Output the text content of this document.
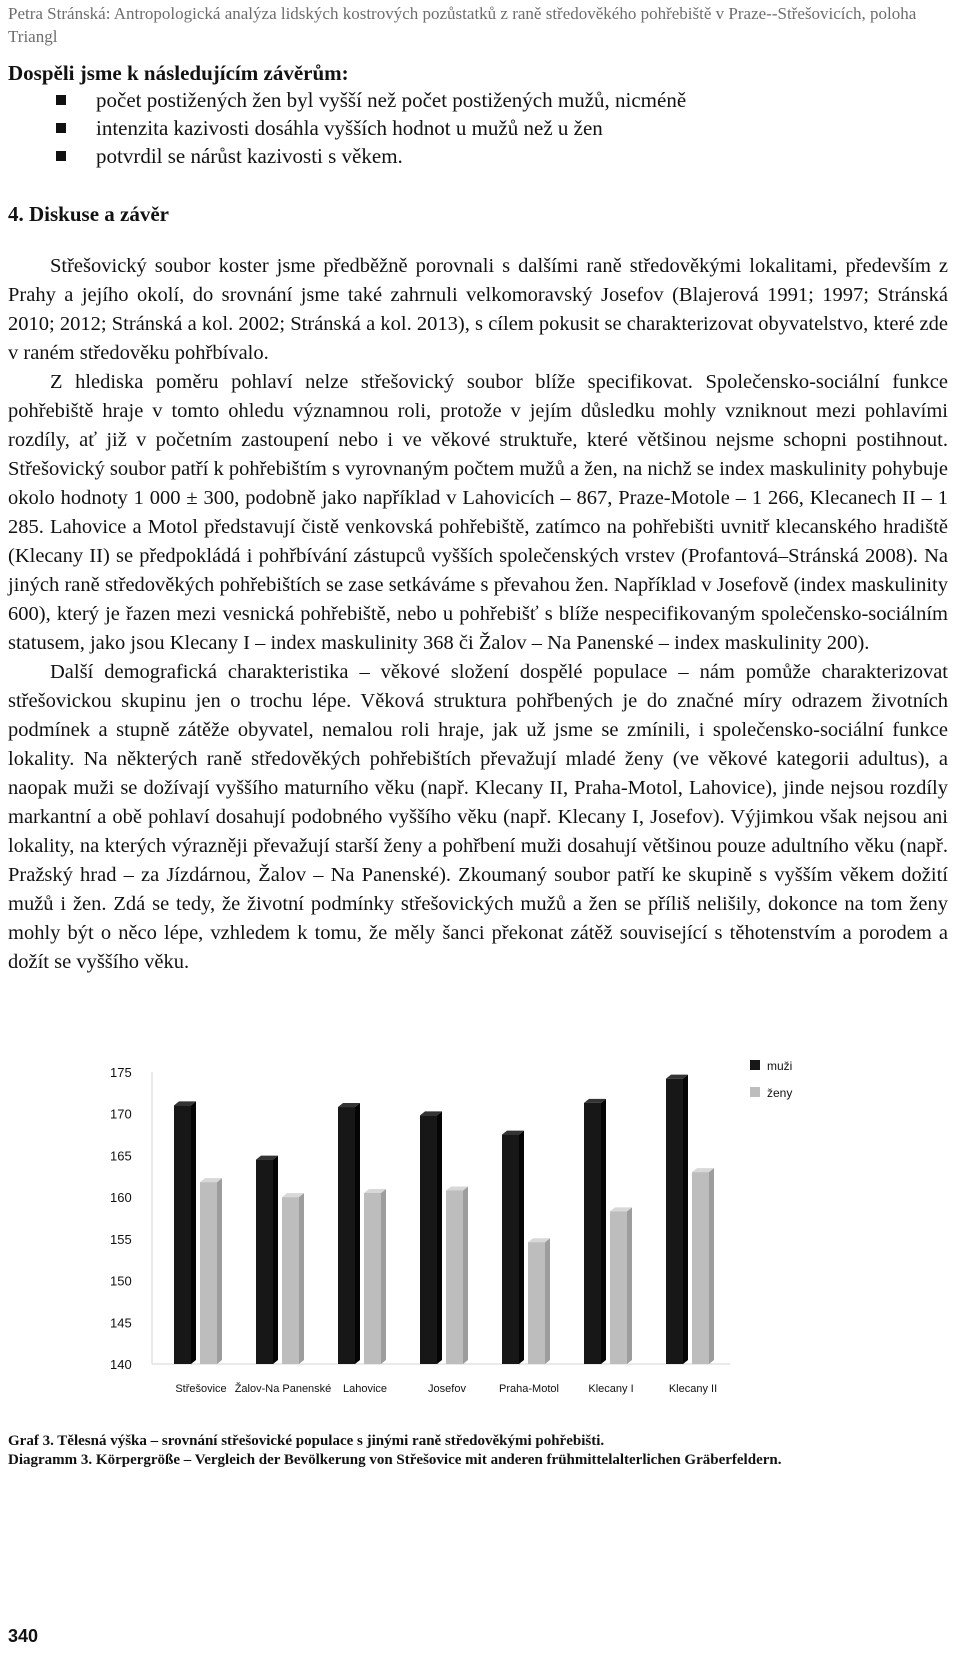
Petra Stránská: Antropologická analýza lidských kostrových pozůstatků z raně středověkého pohřebiště v Praze--Střešovicích, poloha Triangl
Dospěli jsme k následujícím závěrům:
počet postižených žen byl vyšší než počet postižených mužů, nicméně
intenzita kazivosti dosáhla vyšších hodnot u mužů než u žen
potvrdil se nárůst kazivosti s věkem.
4. Diskuse a závěr

Střešovický soubor koster jsme předběžně porovnali s dalšími raně středověkými lokalitami, především z Prahy a jejího okolí, do srovnání jsme také zahrnuli velkomoravský Josefov (Blajerová 1991; 1997; Stránská 2010; 2012; Stránská a kol. 2002; Stránská a kol. 2013), s cílem pokusit se charakterizovat obyvatelstvo, které zde v raném středověku pohřbívalo.

Z hlediska poměru pohlaví nelze střešovický soubor blíže specifikovat. Společensko-sociální funkce pohřebiště hraje v tomto ohledu významnou roli, protože v jejím důsledku mohly vzniknout mezi pohlavími rozdíly, ať již v početním zastoupení nebo i ve věkové struktuře, které většinou nejsme schopni postihnout. Střešovický soubor patří k pohřebištím s vyrovnaným počtem mužů a žen, na nichž se index maskulinity pohybuje okolo hodnoty 1 000 ± 300, podobně jako například v Lahovicích – 867, Praze-Motole – 1 266, Klecanech II – 1 285. Lahovice a Motol představují čistě venkovská pohřebiště, zatímco na pohřebišti uvnitř klecanského hradiště (Klecany II) se předpokládá i pohřbívání zástupců vyšších společenských vrstev (Profantová–Stránská 2008). Na jiných raně středověkých pohřebištích se zase setkáváme s převahou žen. Například v Josefově (index maskulinity 600), který je řazen mezi vesnická pohřebiště, nebo u pohřebišť s blíže nespecifikovaným společensko-sociálním statusem, jako jsou Klecany I – index maskulinity 368 či Žalov – Na Panenské – index maskulinity 200).

Další demografická charakteristika – věkové složení dospělé populace – nám pomůže charakterizovat střešovickou skupinu jen o trochu lépe. Věková struktura pohřbených je do značné míry odrazem životních podmínek a stupně zátěže obyvatel, nemalou roli hraje, jak už jsme se zmínili, i společensko-sociální funkce lokality. Na některých raně středověkých pohřebištích převažují mladé ženy (ve věkové kategorii adultus), a naopak muži se dožívají vyššího maturního věku (např. Klecany II, Praha-Motol, Lahovice), jinde nejsou rozdíly markantní a obě pohlaví dosahují podobného vyššího věku (např. Klecany I, Josefov). Výjimkou však nejsou ani lokality, na kterých výrazněji převažují starší ženy a pohřbení muži dosahují většinou pouze adultního věku (např. Pražský hrad – za Jízdárnou, Žalov – Na Panenské). Zkoumaný soubor patří ke skupině s vyšším věkem dožití mužů i žen. Zdá se tedy, že životní podmínky střešovických mužů a žen se příliš nelišily, dokonce na tom ženy mohly být o něco lépe, vzhledem k tomu, že měly šanci překonat zátěž související s těhotenstvím a porodem a dožít se vyššího věku.

140
145
150
155
160
165
170
175
Střešovice Žalov-Na Panenské Lahovice	Josefov	Praha-Motol	Klecany I	Klecany II
muži
ženy
Graf 3. Tělesná výška – srovnání střešovické populace s jinými raně středověkými pohřebišti.
Diagramm 3. Körpergröße – Vergleich der Bevölkerung von Střešovice mit anderen frühmittelalterlichen Gräberfeldern.
340
